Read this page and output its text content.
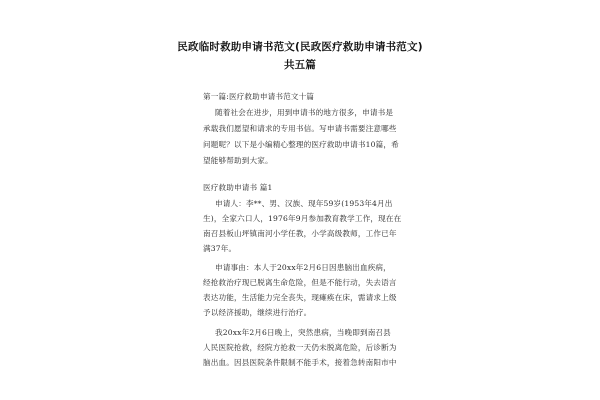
民政临时救助申请书范文(民政医疗救助申请书范文)
共五篇
第一篇:医疗救助申请书范文十篇
随着社会在进步，用到申请书的地方很多，申请书是
承载我们愿望和请求的专用书信。写申请书需要注意哪些
问题呢？以下是小编精心整理的医疗救助申请书10篇，希
望能够帮助到大家。
医疗救助申请书 篇1
申请人：李**、男、汉族、现年59岁(1953年4月出
生)，全家六口人，1976年9月参加教育教学工作，现在在
南召县板山坪镇南河小学任教，小学高级教师，工作已年
满37年。
申请事由：本人于20xx年2月6日因患脑出血疾病，
经抢救治疗现已脱离生命危险，但是不能行动，失去语言
表达功能，生活能力完全丧失，现瘫痪在床，需请求上级
予以经济援助，继续进行治疗。
我20xx年2月6日晚上，突然患病，当晚即到南召县
人民医院抢救，经院方抢救一天仍未脱离危险，后诊断为
脑出血。因县医院条件限制不能手术，接着急转南阳市中
